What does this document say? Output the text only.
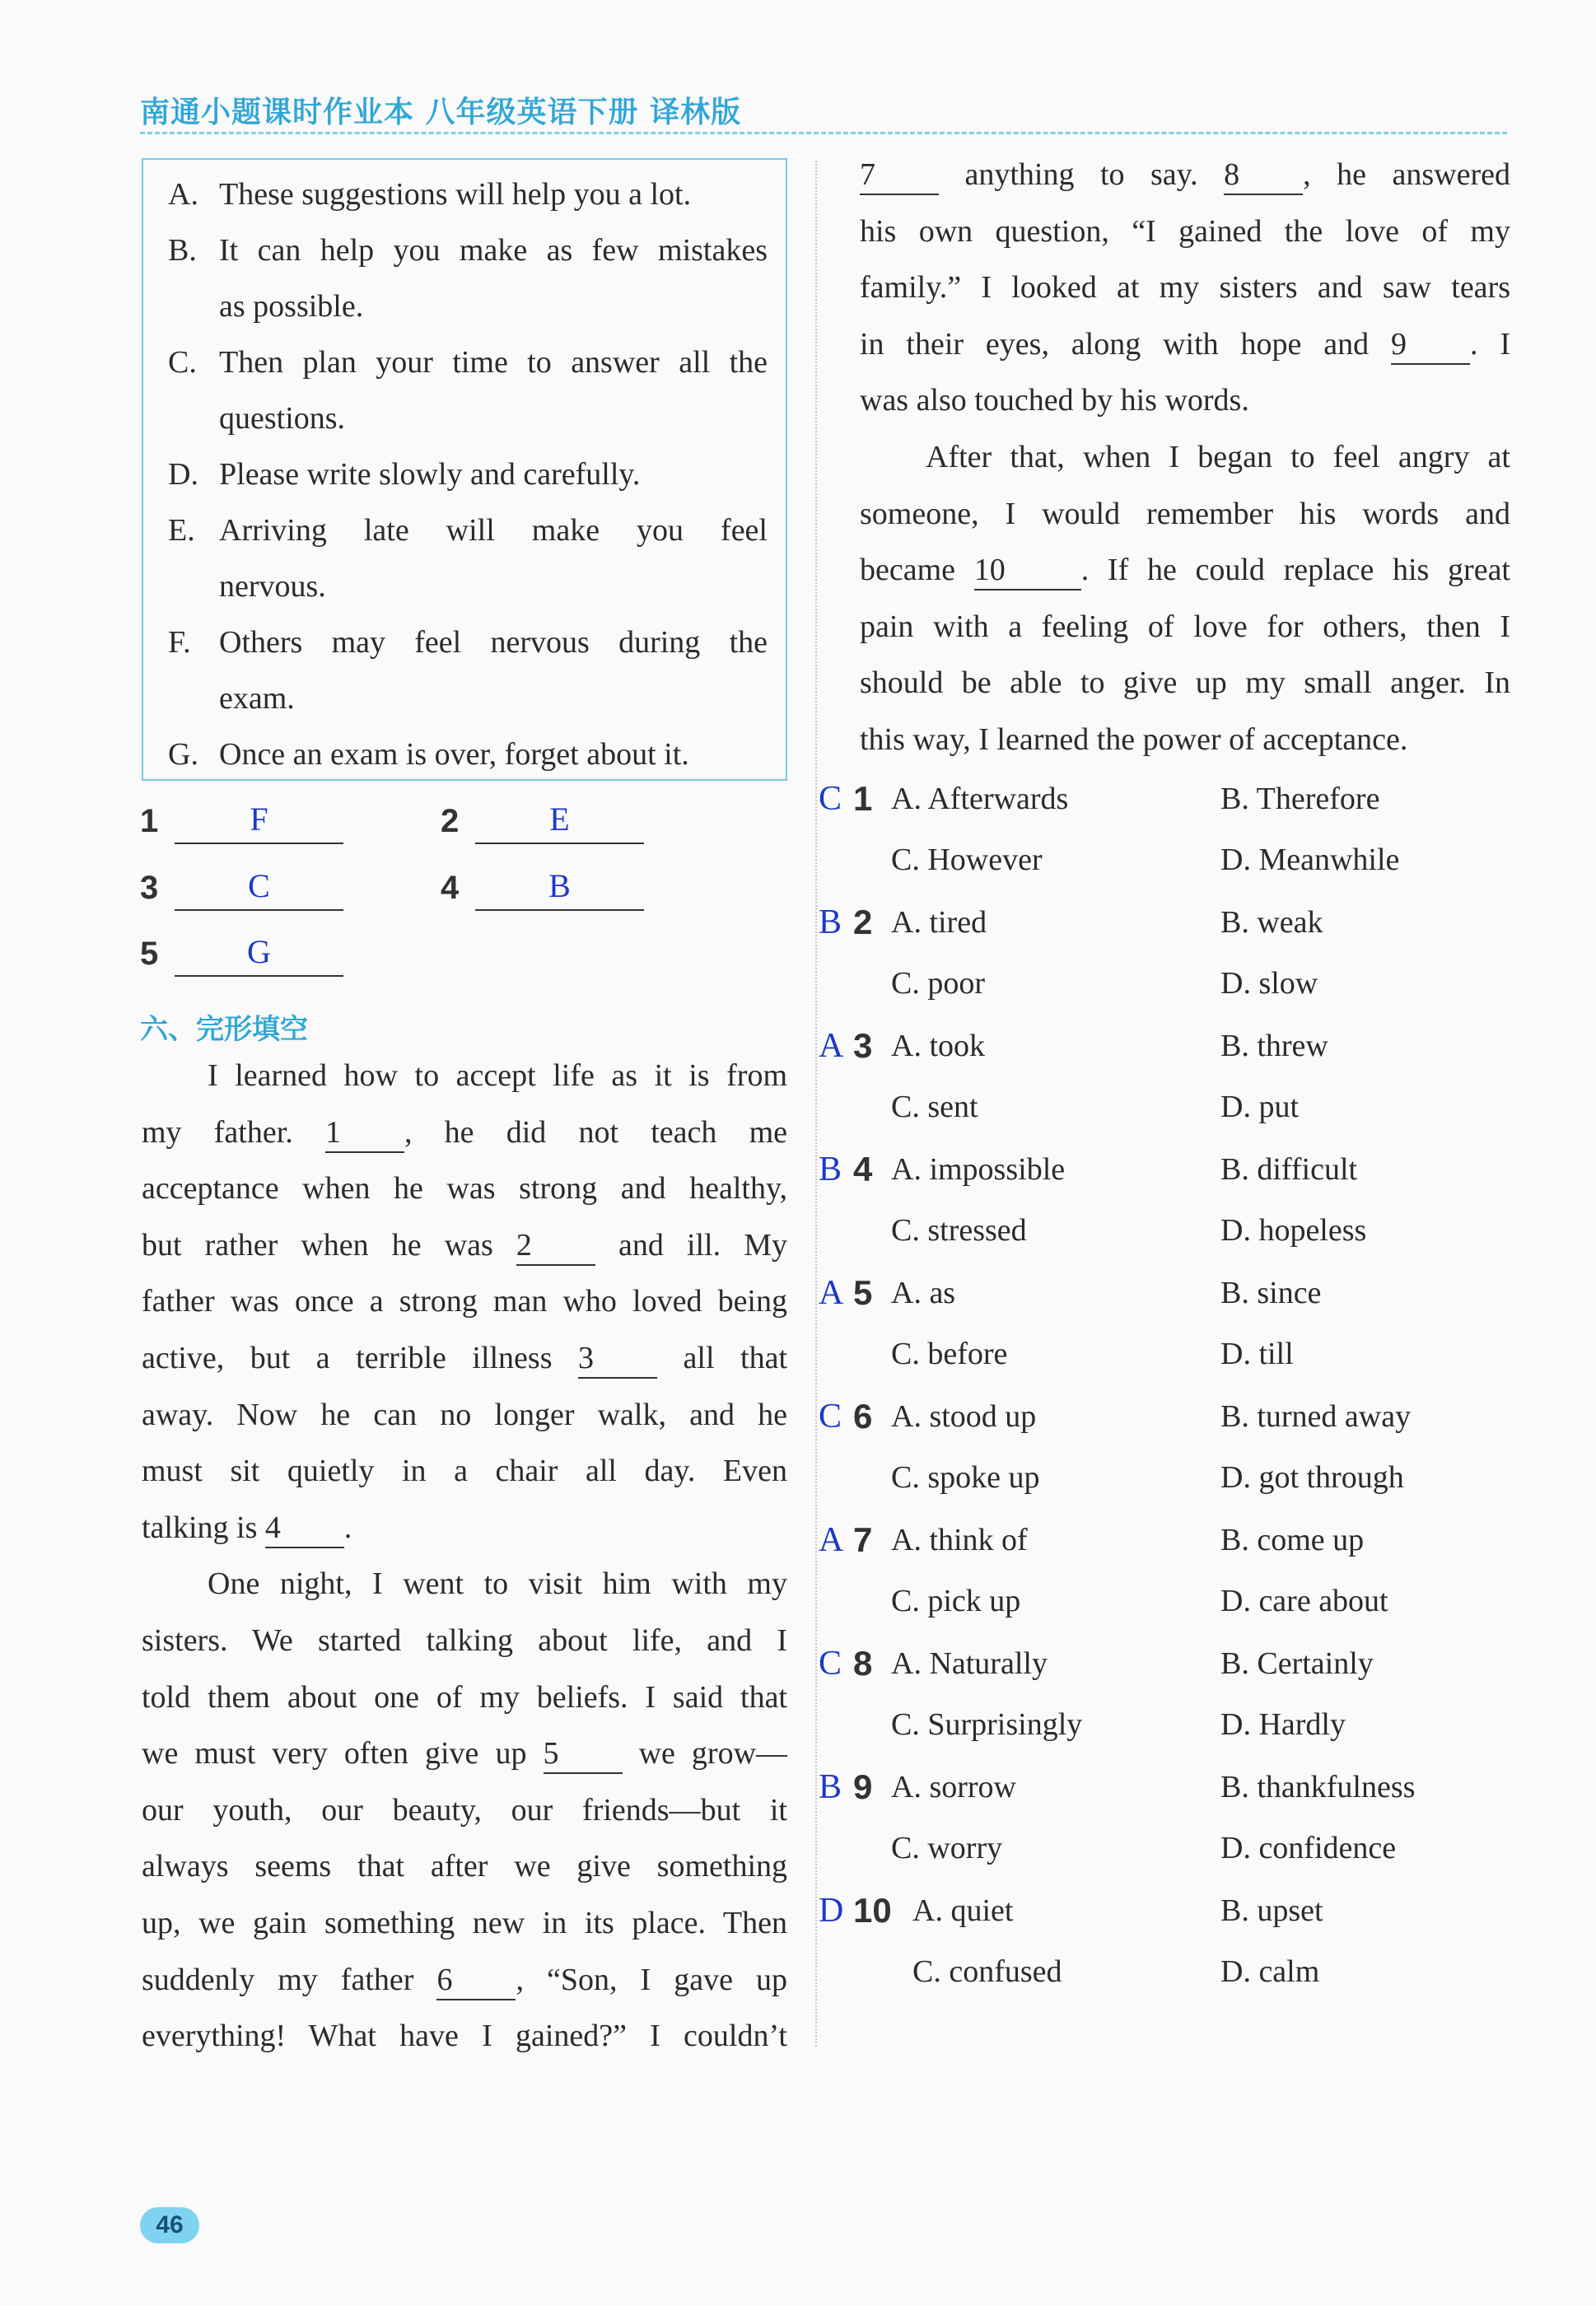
南通小题课时作业本 八年级英语下册 译林版
A. These suggestions will help you a lot.
B. It can help you make as few mistakes
as possible.
C. Then plan your time to answer all the
questions.
D. Please write slowly and carefully.
E. Arriving late will make you feel
nervous.
F. Others may feel nervous during the
exam.
G. Once an exam is over, forget about it.
1	F	2	E
3	C	4	B
5	G
六、完形填空
I learned how to accept life as it is from
my father. 1 , he did not teach me
acceptance when he was strong and healthy,
but rather when he was 2	and ill. My
father was once a strong man who loved being
active, but a terrible illness 3	all that
away. Now he can no longer walk, and he
must sit quietly in a chair all day. Even
talking is 4 .
One night, I went to visit him with my
sisters. We started talking about life, and I
told them about one of my beliefs. I said that
we must very often give up 5	we grow—
our youth, our beauty, our friends—but it
always seems that after we give something
up, we gain something new in its place. Then
suddenly my father 6 , “Son, I gave up
everything! What have I gained?” I couldn’t
7	anything to say. 8 , he answered
his own question, “I gained the love of my
family.” I looked at my sisters and saw tears
in their eyes, along with hope and 9 . I
was also touched by his words.
After that, when I began to feel angry at
someone, I would remember his words and
became 10 . If he could replace his great
pain with a feeling of love for others, then I
should be able to give up my small anger. In
this way, I learned the power of acceptance.
C 1 A. Afterwards	B. Therefore
C. However	D. Meanwhile
B 2 A. tired	B. weak
C. poor	D. slow
A 3 A. took	B. threw
C. sent	D. put
B 4 A. impossible	B. difficult
C. stressed	D. hopeless
A 5 A. as	B. since
C. before	D. till
C 6 A. stood up	B. turned away
C. spoke up	D. got through
A 7 A. think of	B. come up
C. pick up	D. care about
C 8 A. Naturally	B. Certainly
C. Surprisingly	D. Hardly
B 9 A. sorrow	B. thankfulness
C. worry	D. confidence
D 10 A. quiet	B. upset
C. confused	D. calm
46
